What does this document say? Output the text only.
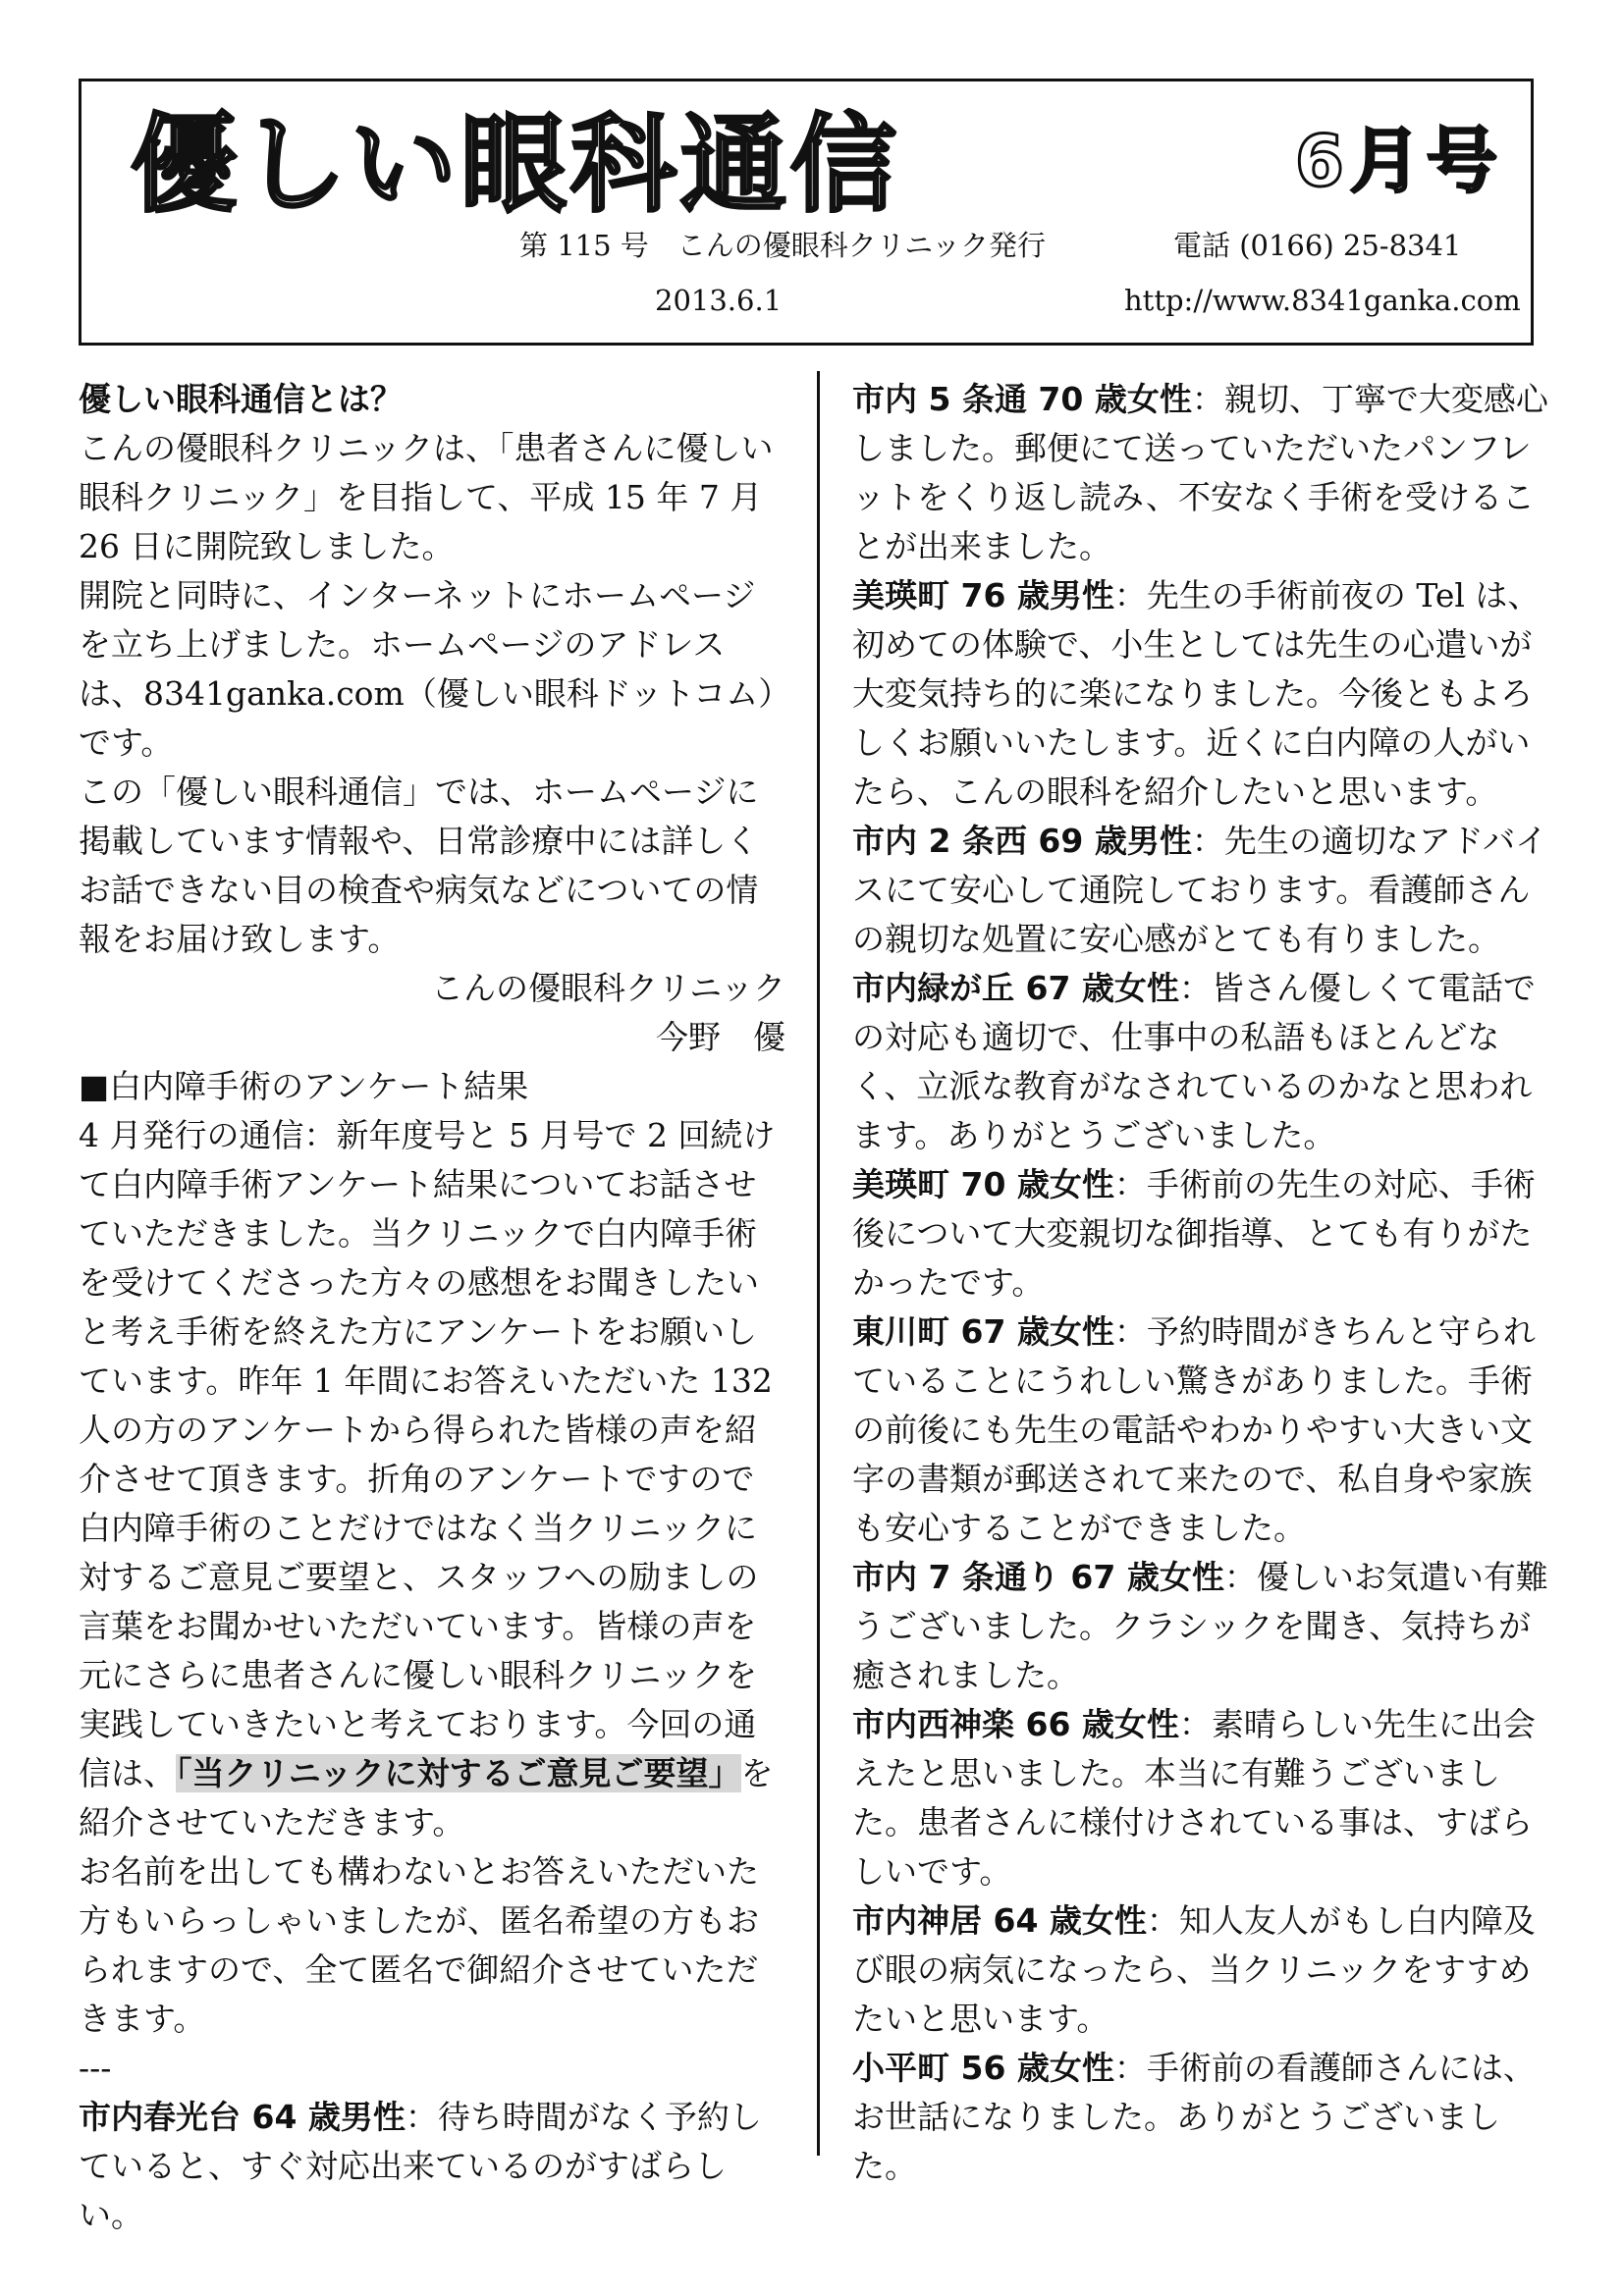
優しい眼科通信	6月号
第 115 号　こんの優眼科クリニック発行	電話 (0166) 25-8341
2013.6.1	http://www.8341ganka.com

優しい眼科通信とは？

こんの優眼科クリニックは、「患者さんに優しい眼科クリニック」を目指して、平成 15 年 7 月 26 日に開院致しました。

開院と同時に、インターネットにホームページを立ち上げました。ホームページのアドレスは、8341ganka.com（優しい眼科ドットコム）です。

この「優しい眼科通信」では、ホームページに掲載しています情報や、日常診療中には詳しくお話できない目の検査や病気などについての情報をお届け致します。

こんの優眼科クリニック

今野　優

■白内障手術のアンケート結果

4 月発行の通信：新年度号と 5 月号で 2 回続けて白内障手術アンケート結果についてお話させていただきました。当クリニックで白内障手術を受けてくださった方々の感想をお聞きしたいと考え手術を終えた方にアンケートをお願いしています。昨年 1 年間にお答えいただいた 132 人の方のアンケートから得られた皆様の声を紹介させて頂きます。折角のアンケートですので白内障手術のことだけではなく当クリニックに対するご意見ご要望と、スタッフへの励ましの言葉をお聞かせいただいています。皆様の声を元にさらに患者さんに優しい眼科クリニックを実践していきたいと考えております。今回の通信は、「当クリニックに対するご意見ご要望」を紹介させていただきます。

お名前を出しても構わないとお答えいただいた方もいらっしゃいましたが、匿名希望の方もおられますので、全て匿名で御紹介させていただきます。

---

市内春光台 64 歳男性：待ち時間がなく予約していると、すぐ対応出来ているのがすばらしい。

市内 5 条通 70 歳女性：親切、丁寧で大変感心しました。郵便にて送っていただいたパンフレットをくり返し読み、不安なく手術を受けることが出来ました。

美瑛町 76 歳男性：先生の手術前夜の Tel は、初めての体験で、小生としては先生の心遣いが大変気持ち的に楽になりました。今後ともよろしくお願いいたします。近くに白内障の人がいたら、こんの眼科を紹介したいと思います。

市内 2 条西 69 歳男性：先生の適切なアドバイスにて安心して通院しております。看護師さんの親切な処置に安心感がとても有りました。

市内緑が丘 67 歳女性：皆さん優しくて電話での対応も適切で、仕事中の私語もほとんどなく、立派な教育がなされているのかなと思われます。ありがとうございました。

美瑛町 70 歳女性：手術前の先生の対応、手術後について大変親切な御指導、とても有りがたかったです。

東川町 67 歳女性：予約時間がきちんと守られていることにうれしい驚きがありました。手術の前後にも先生の電話やわかりやすい大きい文字の書類が郵送されて来たので、私自身や家族も安心することができました。

市内 7 条通り 67 歳女性：優しいお気遣い有難うございました。クラシックを聞き、気持ちが癒されました。

市内西神楽 66 歳女性：素晴らしい先生に出会えたと思いました。本当に有難うございました。患者さんに様付けされている事は、すばらしいです。

市内神居 64 歳女性：知人友人がもし白内障及び眼の病気になったら、当クリニックをすすめたいと思います。

小平町 56 歳女性：手術前の看護師さんには、お世話になりました。ありがとうございました。
